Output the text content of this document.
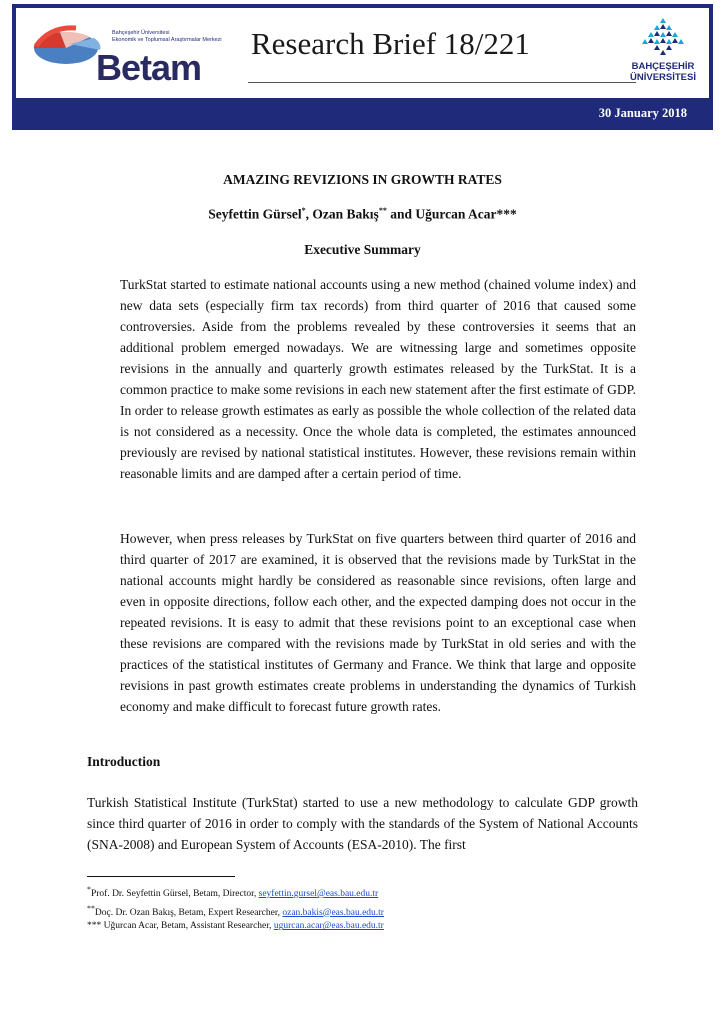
Bahçeşehir Üniversitesi
Ekonomik ve Toplumsal Araştırmalar Merkezi
Betam
Research Brief 18/221
BAHÇEŞEHİR
ÜNİVERSİTESİ
30 January 2018

AMAZING REVIZIONS IN GROWTH RATES

Seyfettin Gürsel*, Ozan Bakış** and Uğurcan Acar***

Executive Summary

TurkStat started to estimate national accounts using a new method (chained volume index) and new data sets (especially firm tax records) from third quarter of 2016 that caused some controversies. Aside from the problems revealed by these controversies it seems that an additional problem emerged nowadays. We are witnessing large and sometimes opposite revisions in the annually and quarterly growth estimates released by the TurkStat. It is a common practice to make some revisions in each new statement after the first estimate of GDP. In order to release growth estimates as early as possible the whole collection of the related data is not considered as a necessity. Once the whole data is completed, the estimates announced previously are revised by national statistical institutes. However, these revisions remain within reasonable limits and are damped after a certain period of time.

However, when press releases by TurkStat on five quarters between third quarter of 2016 and third quarter of 2017 are examined, it is observed that the revisions made by TurkStat in the national accounts might hardly be considered as reasonable since revisions, often large and even in opposite directions, follow each other, and the expected damping does not occur in the repeated revisions. It is easy to admit that these revisions point to an exceptional case when these revisions are compared with the revisions made by TurkStat in old series and with the practices of the statistical institutes of Germany and France. We think that large and opposite revisions in past growth estimates create problems in understanding the dynamics of Turkish economy and make difficult to forecast future growth rates.

Introduction

Turkish Statistical Institute (TurkStat) started to use a new methodology to calculate GDP growth since third quarter of 2016 in order to comply with the standards of the System of National Accounts (SNA-2008) and European System of Accounts (ESA-2010). The first

*Prof. Dr. Seyfettin Gürsel, Betam, Director, seyfettin.gursel@eas.bau.edu.tr
**Doç. Dr. Ozan Bakış, Betam, Expert Researcher, ozan.bakis@eas.bau.edu.tr
*** Uğurcan Acar, Betam, Assistant Researcher, ugurcan.acar@eas.bau.edu.tr
